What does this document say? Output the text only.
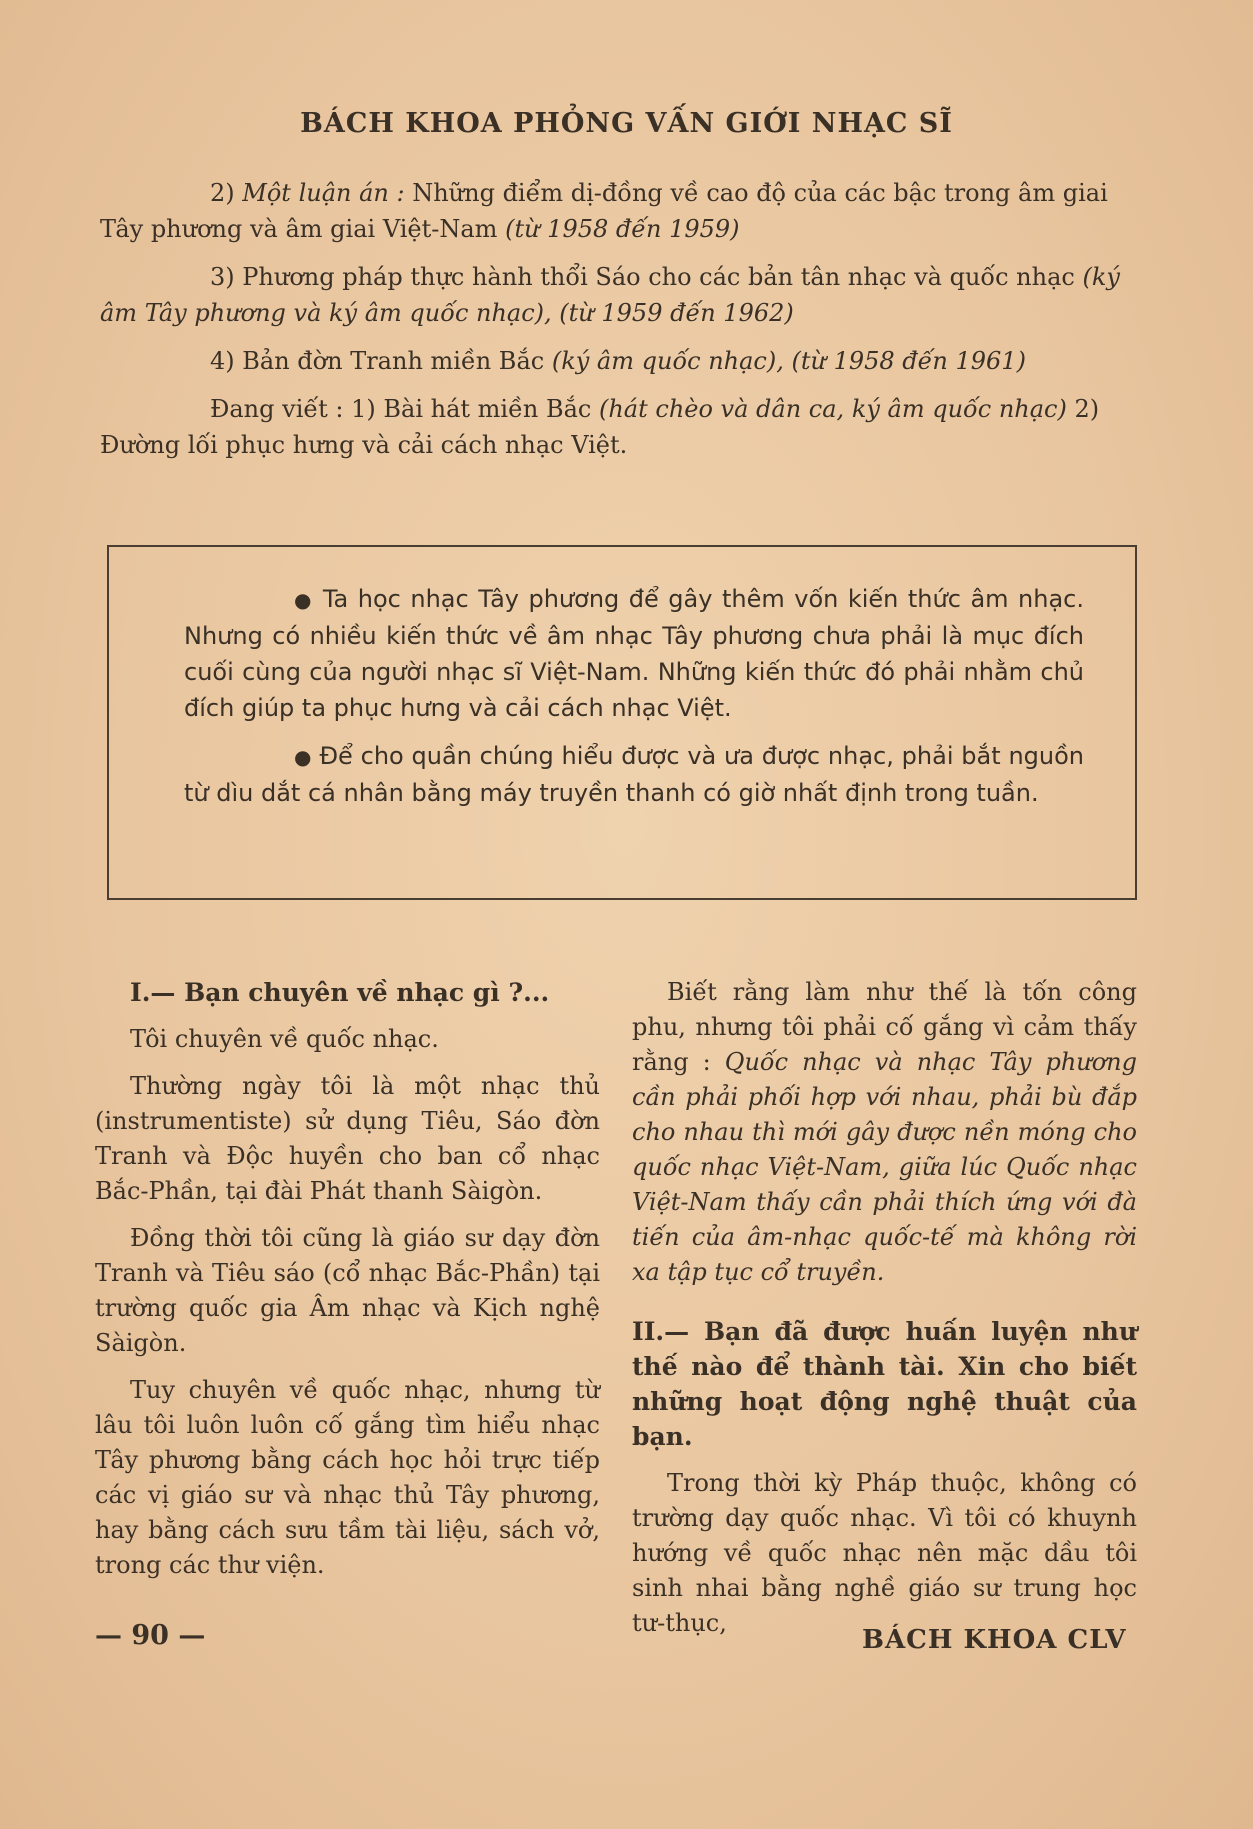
BÁCH KHOA PHỎNG VẤN GIỚI NHẠC SĨ

2) Một luận án : Những điểm dị-đồng về cao độ của các bậc trong âm giai Tây phương và âm giai Việt-Nam (từ 1958 đến 1959)

3) Phương pháp thực hành thổi Sáo cho các bản tân nhạc và quốc nhạc (ký âm Tây phương và ký âm quốc nhạc), (từ 1959 đến 1962)

4) Bản đờn Tranh miền Bắc (ký âm quốc nhạc), (từ 1958 đến 1961)

Đang viết : 1) Bài hát miền Bắc (hát chèo và dân ca, ký âm quốc nhạc) 2) Đường lối phục hưng và cải cách nhạc Việt.

● Ta học nhạc Tây phương để gây thêm vốn kiến thức âm nhạc. Nhưng có nhiều kiến thức về âm nhạc Tây phương chưa phải là mục đích cuối cùng của người nhạc sĩ Việt-Nam. Những kiến thức đó phải nhằm chủ đích giúp ta phục hưng và cải cách nhạc Việt.

● Để cho quần chúng hiểu được và ưa được nhạc, phải bắt nguồn từ dìu dắt cá nhân bằng máy truyền thanh có giờ nhất định trong tuần.

I.— Bạn chuyên về nhạc gì ?...

Tôi chuyên về quốc nhạc.

Thường ngày tôi là một nhạc thủ (instrumentiste) sử dụng Tiêu, Sáo đờn Tranh và Độc huyền cho ban cổ nhạc Bắc-Phần, tại đài Phát thanh Sàigòn.

Đồng thời tôi cũng là giáo sư dạy đờn Tranh và Tiêu sáo (cổ nhạc Bắc-Phần) tại trường quốc gia Âm nhạc và Kịch nghệ Sàigòn.

Tuy chuyên về quốc nhạc, nhưng từ lâu tôi luôn luôn cố gắng tìm hiểu nhạc Tây phương bằng cách học hỏi trực tiếp các vị giáo sư và nhạc thủ Tây phương, hay bằng cách sưu tầm tài liệu, sách vở, trong các thư viện.

Biết rằng làm như thế là tốn công phu, nhưng tôi phải cố gắng vì cảm thấy rằng : Quốc nhạc và nhạc Tây phương cần phải phối hợp với nhau, phải bù đắp cho nhau thì mới gây được nền móng cho quốc nhạc Việt-Nam, giữa lúc Quốc nhạc Việt-Nam thấy cần phải thích ứng với đà tiến của âm-nhạc quốc-tế mà không rời xa tập tục cổ truyền.

II.— Bạn đã được huấn luyện như thế nào để thành tài. Xin cho biết những hoạt động nghệ thuật của bạn.

Trong thời kỳ Pháp thuộc, không có trường dạy quốc nhạc. Vì tôi có khuynh hướng về quốc nhạc nên mặc dầu tôi sinh nhai bằng nghề giáo sư trung học tư-thục,

— 90 —	BÁCH KHOA CLV
